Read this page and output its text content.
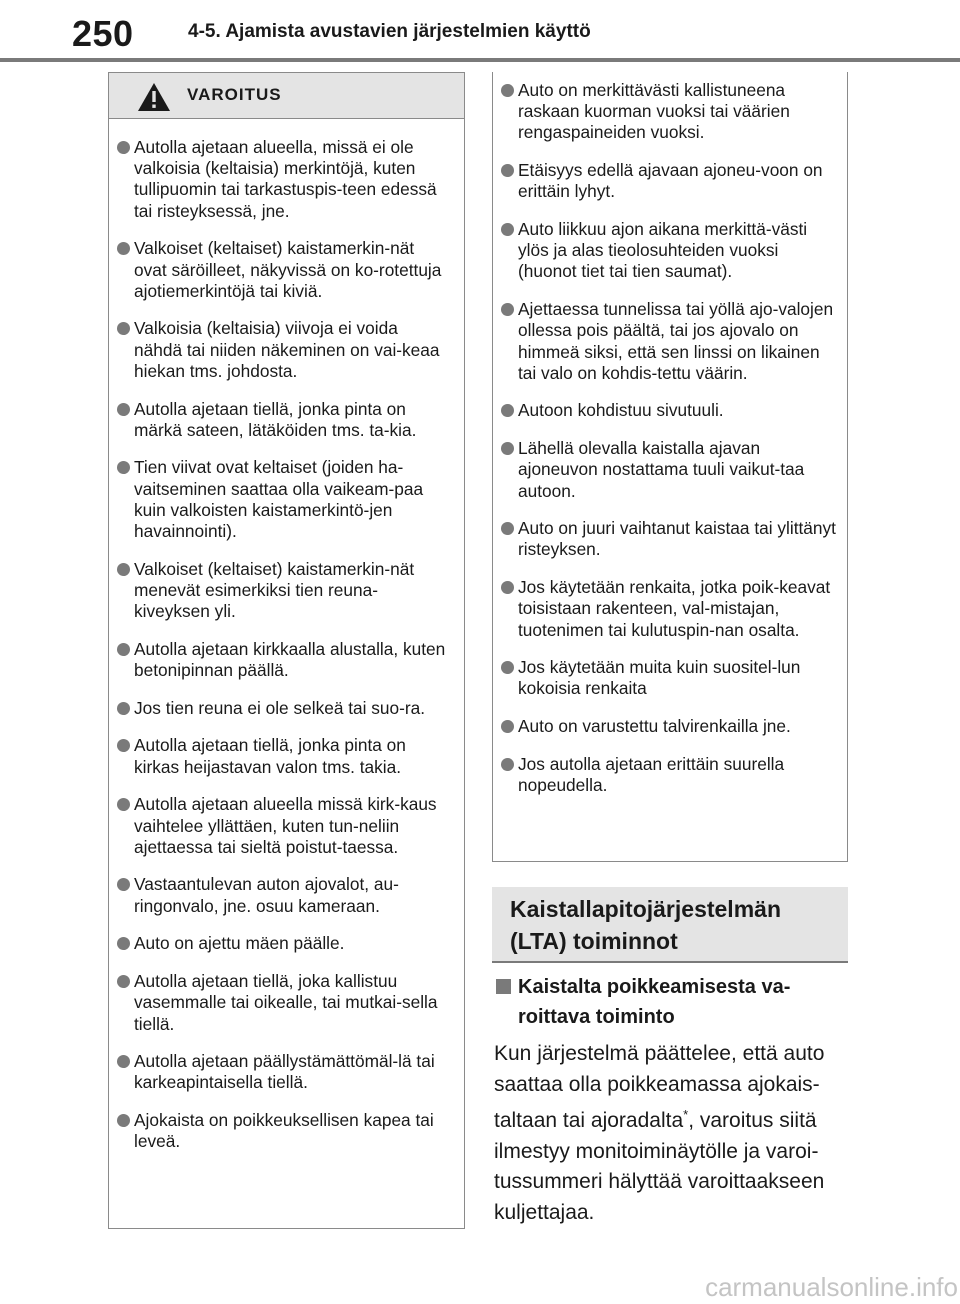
250	4-5. Ajamista avustavien järjestelmien käyttö
VAROITUS
Autolla ajetaan alueella, missä ei ole valkoisia (keltaisia) merkintöjä, kuten tullipuomin tai tarkastuspis-teen edessä tai risteyksessä, jne.
Valkoiset (keltaiset) kaistamerkin-nät ovat säröilleet, näkyvissä on ko-rotettuja ajotiemerkintöjä tai kiviä.
Valkoisia (keltaisia) viivoja ei voida nähdä tai niiden näkeminen on vai-keaa hiekan tms. johdosta.
Autolla ajetaan tiellä, jonka pinta on märkä sateen, lätäköiden tms. ta-kia.
Tien viivat ovat keltaiset (joiden ha-vaitseminen saattaa olla vaikeam-paa kuin valkoisten kaistamerkintö-jen havainnointi).
Valkoiset (keltaiset) kaistamerkin-nät menevät esimerkiksi tien reuna-kiveyksen yli.
Autolla ajetaan kirkkaalla alustalla, kuten betonipinnan päällä.
Jos tien reuna ei ole selkeä tai suo-ra.
Autolla ajetaan tiellä, jonka pinta on kirkas heijastavan valon tms. takia.
Autolla ajetaan alueella missä kirk-kaus vaihtelee yllättäen, kuten tun-neliin ajettaessa tai sieltä poistut-taessa.
Vastaantulevan auton ajovalot, au-ringonvalo, jne. osuu kameraan.
Auto on ajettu mäen päälle.
Autolla ajetaan tiellä, joka kallistuu vasemmalle tai oikealle, tai mutkai-sella tiellä.
Autolla ajetaan päällystämättömäl-lä tai karkeapintaisella tiellä.
Ajokaista on poikkeuksellisen kapea tai leveä.
Auto on merkittävästi kallistuneena raskaan kuorman vuoksi tai väärien rengaspaineiden vuoksi.
Etäisyys edellä ajavaan ajoneu-voon on erittäin lyhyt.
Auto liikkuu ajon aikana merkittä-västi ylös ja alas tieolosuhteiden vuoksi (huonot tiet tai tien saumat).
Ajettaessa tunnelissa tai yöllä ajo-valojen ollessa pois päältä, tai jos ajovalo on himmeä siksi, että sen linssi on likainen tai valo on kohdis-tettu väärin.
Autoon kohdistuu sivutuuli.
Lähellä olevalla kaistalla ajavan ajoneuvon nostattama tuuli vaikut-taa autoon.
Auto on juuri vaihtanut kaistaa tai ylittänyt risteyksen.
Jos käytetään renkaita, jotka poik-keavat toisistaan rakenteen, val-mistajan, tuotenimen tai kulutuspin-nan osalta.
Jos käytetään muita kuin suositel-lun kokoisia renkaita
Auto on varustettu talvirenkailla jne.
Jos autolla ajetaan erittäin suurella nopeudella.
Kaistallapitojärjestelmän (LTA) toiminnot
Kaistalta poikkeamisesta va-roittava toiminto

Kun järjestelmä päättelee, että auto saattaa olla poikkeamassa ajokais-taltaan tai ajoradalta*, varoitus siitä ilmestyy monitoiminäytölle ja varoi-tussummeri hälyttää varoittaakseen kuljettajaa.

carmanualsonline.info
